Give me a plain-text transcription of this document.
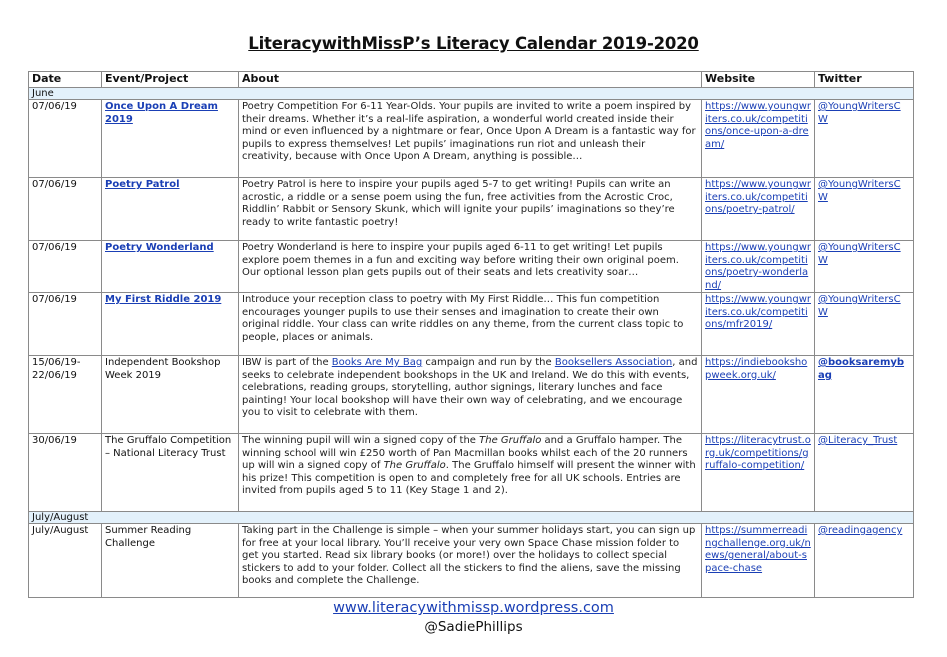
LiteracywithMissP’s Literacy Calendar 2019-2020
Date	Event/Project	About	Website	Twitter
June				
07/06/19	Once Upon A Dream 2019	Poetry Competition For 6-11 Year-Olds. Your pupils are invited to write a poem inspired by their dreams. Whether it’s a real-life aspiration, a wonderful world created inside their mind or even influenced by a nightmare or fear, Once Upon A Dream is a fantastic way for pupils to express themselves! Let pupils’ imaginations run riot and unleash their creativity, because with Once Upon A Dream, anything is possible…	https://www.youngwriters.co.uk/competitions/once-upon-a-dream/	@YoungWritersCW
07/06/19	Poetry Patrol	Poetry Patrol is here to inspire your pupils aged 5-7 to get writing! Pupils can write an acrostic, a riddle or a sense poem using the fun, free activities from the Acrostic Croc, Riddlin’ Rabbit or Sensory Skunk, which will ignite your pupils’ imaginations so they’re ready to write fantastic poetry!	https://www.youngwriters.co.uk/competitions/poetry-patrol/	@YoungWritersCW
07/06/19	Poetry Wonderland	Poetry Wonderland is here to inspire your pupils aged 6-11 to get writing! Let pupils explore poem themes in a fun and exciting way before writing their own original poem. Our optional lesson plan gets pupils out of their seats and lets creativity soar…	https://www.youngwriters.co.uk/competitions/poetry-wonderland/	@YoungWritersCW
07/06/19	My First Riddle 2019	Introduce your reception class to poetry with My First Riddle… This fun competition encourages younger pupils to use their senses and imagination to create their own original riddle. Your class can write riddles on any theme, from the current class topic to people, places or animals.	https://www.youngwriters.co.uk/competitions/mfr2019/	@YoungWritersCW
15/06/19-22/06/19	Independent Bookshop Week 2019	IBW is part of the Books Are My Bag campaign and run by the Booksellers Association, and seeks to celebrate independent bookshops in the UK and Ireland. We do this with events, celebrations, reading groups, storytelling, author signings, literary lunches and face painting! Your local bookshop will have their own way of celebrating, and we encourage you to visit to celebrate with them.	https://indiebookshopweek.org.uk/	@booksaremybag
30/06/19	The Gruffalo Competition – National Literacy Trust	The winning pupil will win a signed copy of the The Gruffalo and a Gruffalo hamper. The winning school will win £250 worth of Pan Macmillan books whilst each of the 20 runners up will win a signed copy of The Gruffalo. The Gruffalo himself will present the winner with his prize! This competition is open to and completely free for all UK schools. Entries are invited from pupils aged 5 to 11 (Key Stage 1 and 2).	https://literacytrust.org.uk/competitions/gruffalo-competition/	@Literacy_Trust
July/August				
July/August	Summer Reading Challenge	Taking part in the Challenge is simple – when your summer holidays start, you can sign up for free at your local library. You’ll receive your very own Space Chase mission folder to get you started. Read six library books (or more!) over the holidays to collect special stickers to add to your folder. Collect all the stickers to find the aliens, save the missing books and complete the Challenge.	https://summerreadingchallenge.org.uk/news/general/about-space-chase	@readingagency
www.literacywithmissp.wordpress.com
@SadiePhillips
